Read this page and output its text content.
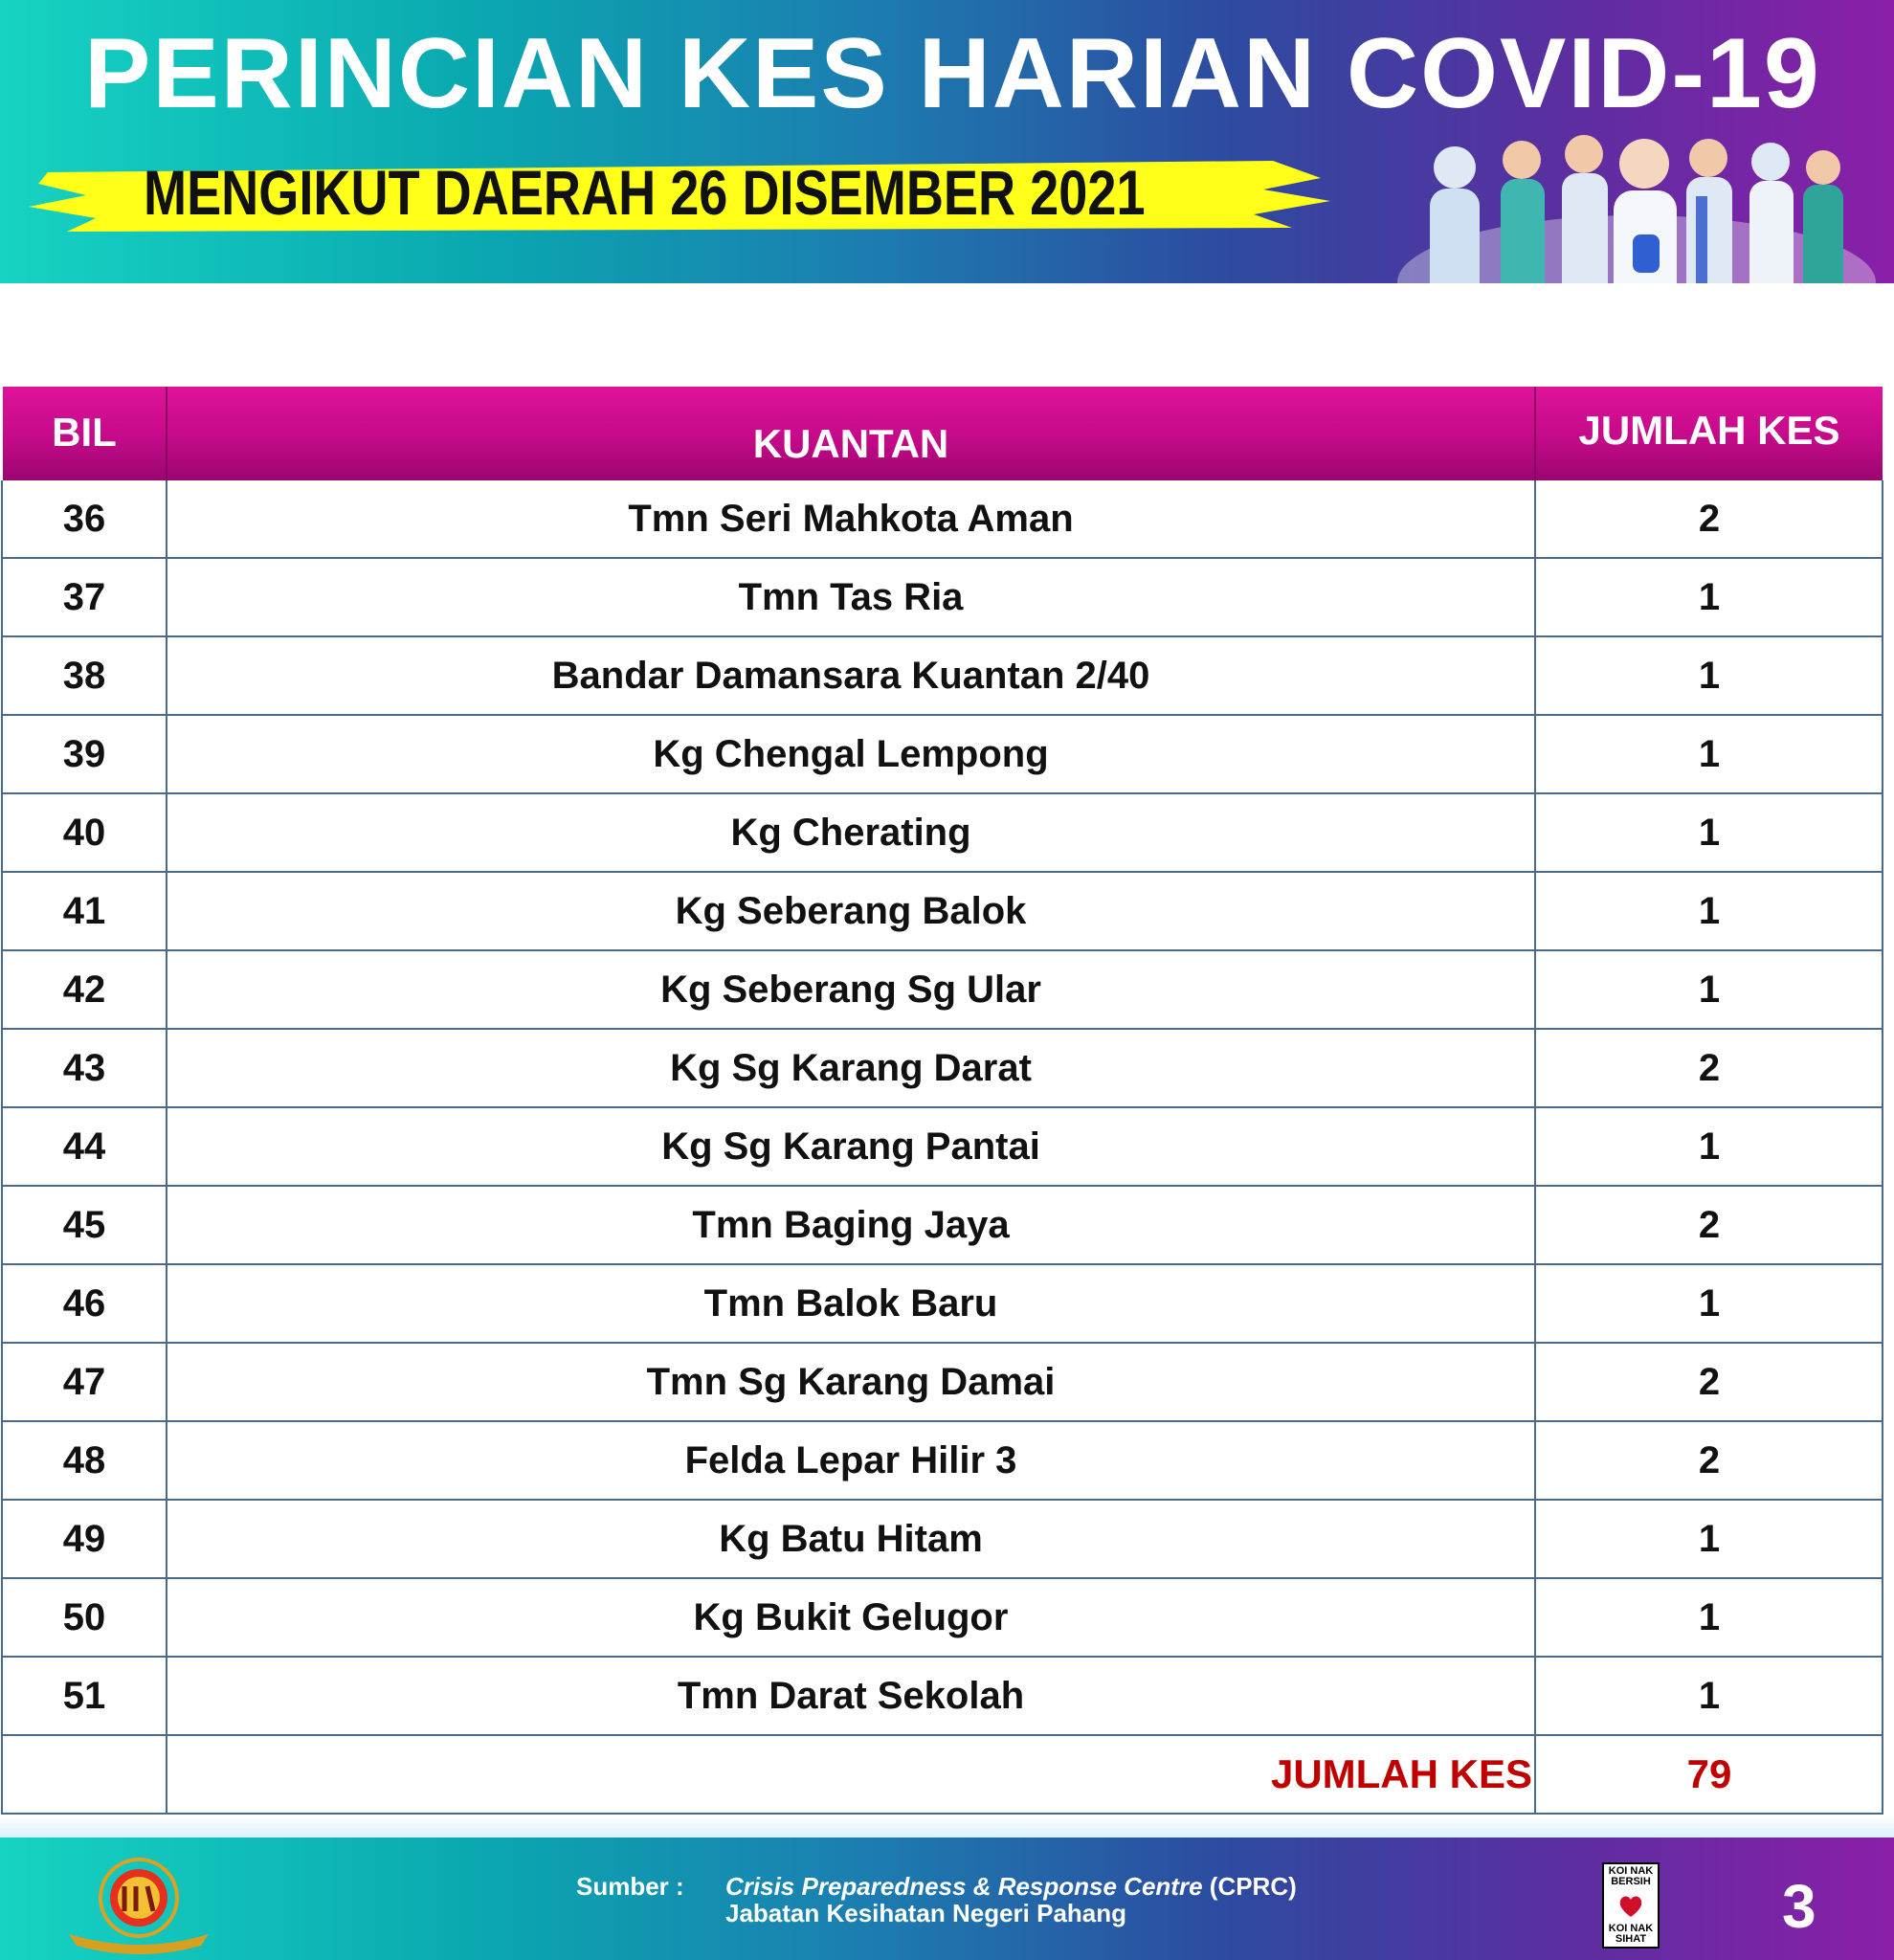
PERINCIAN KES HARIAN COVID-19
MENGIKUT DAERAH 26 DISEMBER 2021
BIL	KUANTAN	JUMLAH KES
36	Tmn Seri Mahkota Aman	2
37	Tmn Tas Ria	1
38	Bandar Damansara Kuantan 2/40	1
39	Kg Chengal Lempong	1
40	Kg Cherating	1
41	Kg Seberang Balok	1
42	Kg Seberang Sg Ular	1
43	Kg Sg Karang Darat	2
44	Kg Sg Karang Pantai	1
45	Tmn Baging Jaya	2
46	Tmn Balok Baru	1
47	Tmn Sg Karang Damai	2
48	Felda Lepar Hilir 3	2
49	Kg Batu Hitam	1
50	Kg Bukit Gelugor	1
51	Tmn Darat Sekolah	1
JUMLAH KES	79
Sumber : Crisis Preparedness & Response Centre (CPRC)
Jabatan Kesihatan Negeri Pahang
KOI NAK BERSIH
KOI NAK SIHAT 3
